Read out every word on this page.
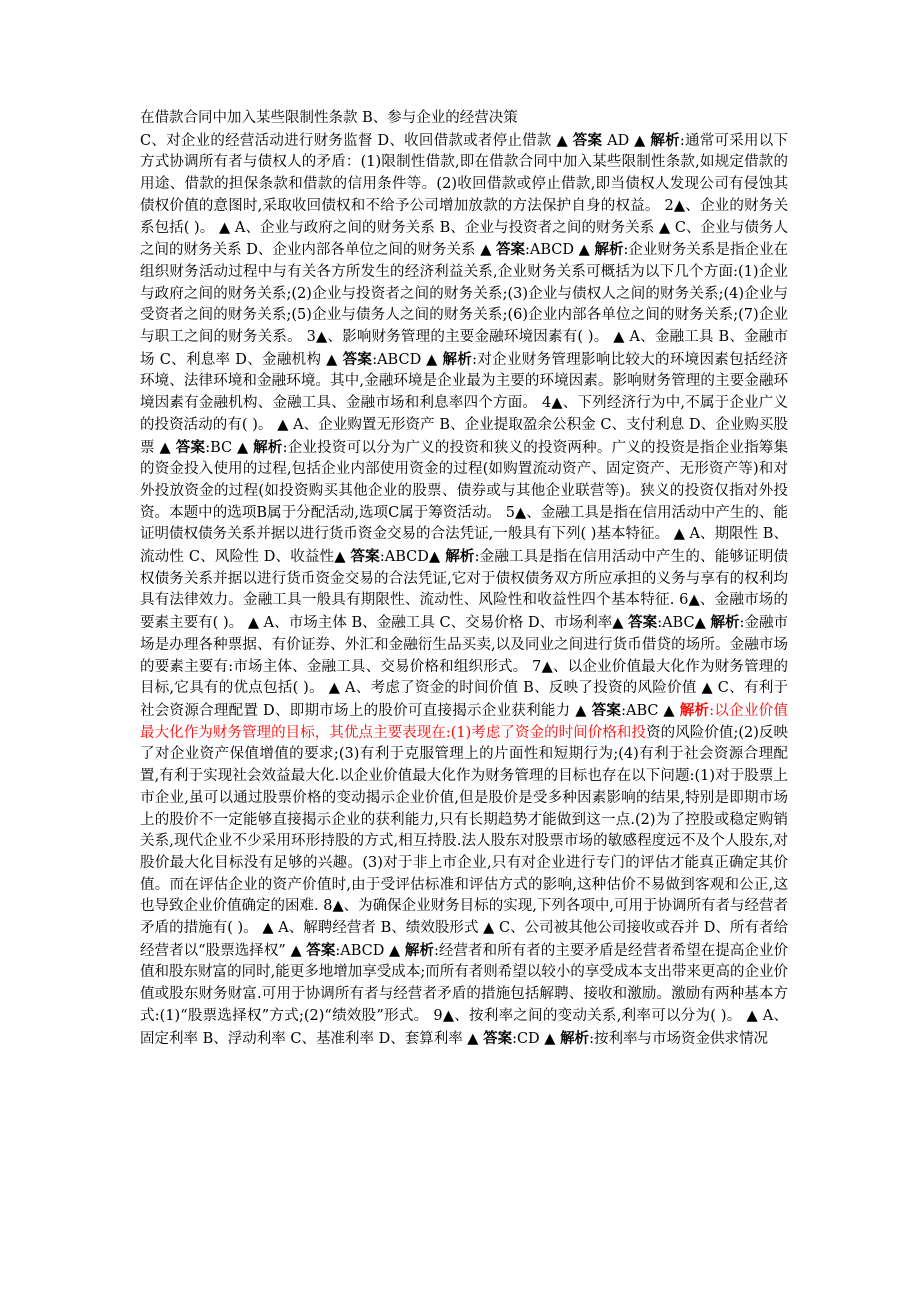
在借款合同中加入某些限制性条款 B、参与企业的经营决策

C、对企业的经营活动进行财务监督 D、收回借款或者停止借款 ▲ 答案 AD ▲ 解析:通常可采用以下方式协调所有者与债权人的矛盾：(1)限制性借款,即在借款合同中加入某些限制性条款,如规定借款的用途、借款的担保条款和借款的信用条件等。(2)收回借款或停止借款,即当债权人发现公司有侵蚀其债权价值的意图时,采取收回债权和不给予公司增加放款的方法保护自身的权益。 2▲、企业的财务关系包括( )。 ▲ A、企业与政府之间的财务关系 B、企业与投资者之间的财务关系 ▲ C、企业与债务人之间的财务关系 D、企业内部各单位之间的财务关系 ▲ 答案:ABCD ▲ 解析:企业财务关系是指企业在组织财务活动过程中与有关各方所发生的经济利益关系,企业财务关系可概括为以下几个方面:(1)企业与政府之间的财务关系;(2)企业与投资者之间的财务关系;(3)企业与债权人之间的财务关系;(4)企业与受资者之间的财务关系;(5)企业与债务人之间的财务关系;(6)企业内部各单位之间的财务关系;(7)企业与职工之间的财务关系。 3▲、影响财务管理的主要金融环境因素有( )。 ▲ A、金融工具 B、金融市场 C、利息率 D、金融机构 ▲ 答案:ABCD ▲ 解析:对企业财务管理影响比较大的环境因素包括经济环境、法律环境和金融环境。其中,金融环境是企业最为主要的环境因素。影响财务管理的主要金融环境因素有金融机构、金融工具、金融市场和利息率四个方面。 4▲、下列经济行为中,不属于企业广义的投资活动的有( )。 ▲ A、企业购置无形资产 B、企业提取盈余公积金 C、支付利息 D、企业购买股票 ▲ 答案:BC ▲ 解析:企业投资可以分为广义的投资和狭义的投资两种。广义的投资是指企业指筹集的资金投入使用的过程,包括企业内部使用资金的过程(如购置流动资产、固定资产、无形资产等)和对外投放资金的过程(如投资购买其他企业的股票、债券或与其他企业联营等)。狭义的投资仅指对外投资。本题中的选项B属于分配活动,选项C属于筹资活动。 5▲、金融工具是指在信用活动中产生的、能证明债权债务关系并据以进行货币资金交易的合法凭证,一般具有下列( )基本特征。 ▲ A、期限性 B、流动性 C、风险性 D、收益性▲ 答案:ABCD▲ 解析:金融工具是指在信用活动中产生的、能够证明债权债务关系并据以进行货币资金交易的合法凭证,它对于债权债务双方所应承担的义务与享有的权利均具有法律效力。金融工具一般具有期限性、流动性、风险性和收益性四个基本特征. 6▲、金融市场的要素主要有( )。 ▲ A、市场主体 B、金融工具 C、交易价格 D、市场利率▲ 答案:ABC▲ 解析:金融市场是办理各种票据、有价证券、外汇和金融衍生品买卖,以及同业之间进行货币借贷的场所。金融市场的要素主要有:市场主体、金融工具、交易价格和组织形式。 7▲、以企业价值最大化作为财务管理的目标,它具有的优点包括( )。 ▲ A、考虑了资金的时间价值 B、反映了投资的风险价值 ▲ C、有利于社会资源合理配置 D、即期市场上的股价可直接揭示企业获利能力 ▲ 答案:ABC ▲ 解析:以企业价值最大化作为财务管理的目标，其优点主要表现在:(1)考虑了资金的时间价格和投资的风险价值;(2)反映了对企业资产保值增值的要求;(3)有利于克服管理上的片面性和短期行为;(4)有利于社会资源合理配置,有利于实现社会效益最大化.以企业价值最大化作为财务管理的目标也存在以下问题:(1)对于股票上市企业,虽可以通过股票价格的变动揭示企业价值,但是股价是受多种因素影响的结果,特别是即期市场上的股价不一定能够直接揭示企业的获利能力,只有长期趋势才能做到这一点.(2)为了控股或稳定购销关系,现代企业不少采用环形持股的方式,相互持股.法人股东对股票市场的敏感程度远不及个人股东,对股价最大化目标没有足够的兴趣。(3)对于非上市企业,只有对企业进行专门的评估才能真正确定其价值。而在评估企业的资产价值时,由于受评估标准和评估方式的影响,这种估价不易做到客观和公正,这也导致企业价值确定的困难. 8▲、为确保企业财务目标的实现,下列各项中,可用于协调所有者与经营者矛盾的措施有( )。 ▲ A、解聘经营者 B、绩效股形式 ▲ C、公司被其他公司接收或吞并 D、所有者给经营者以“股票选择权” ▲ 答案:ABCD ▲ 解析:经营者和所有者的主要矛盾是经营者希望在提高企业价值和股东财富的同时,能更多地增加享受成本;而所有者则希望以较小的享受成本支出带来更高的企业价值或股东财务财富.可用于协调所有者与经营者矛盾的措施包括解聘、接收和激励。激励有两种基本方式:(1)“股票选择权”方式;(2)“绩效股”形式。 9▲、按利率之间的变动关系,利率可以分为( )。 ▲ A、固定利率 B、浮动利率 C、基准利率 D、套算利率 ▲ 答案:CD ▲ 解析:按利率与市场资金供求情况
